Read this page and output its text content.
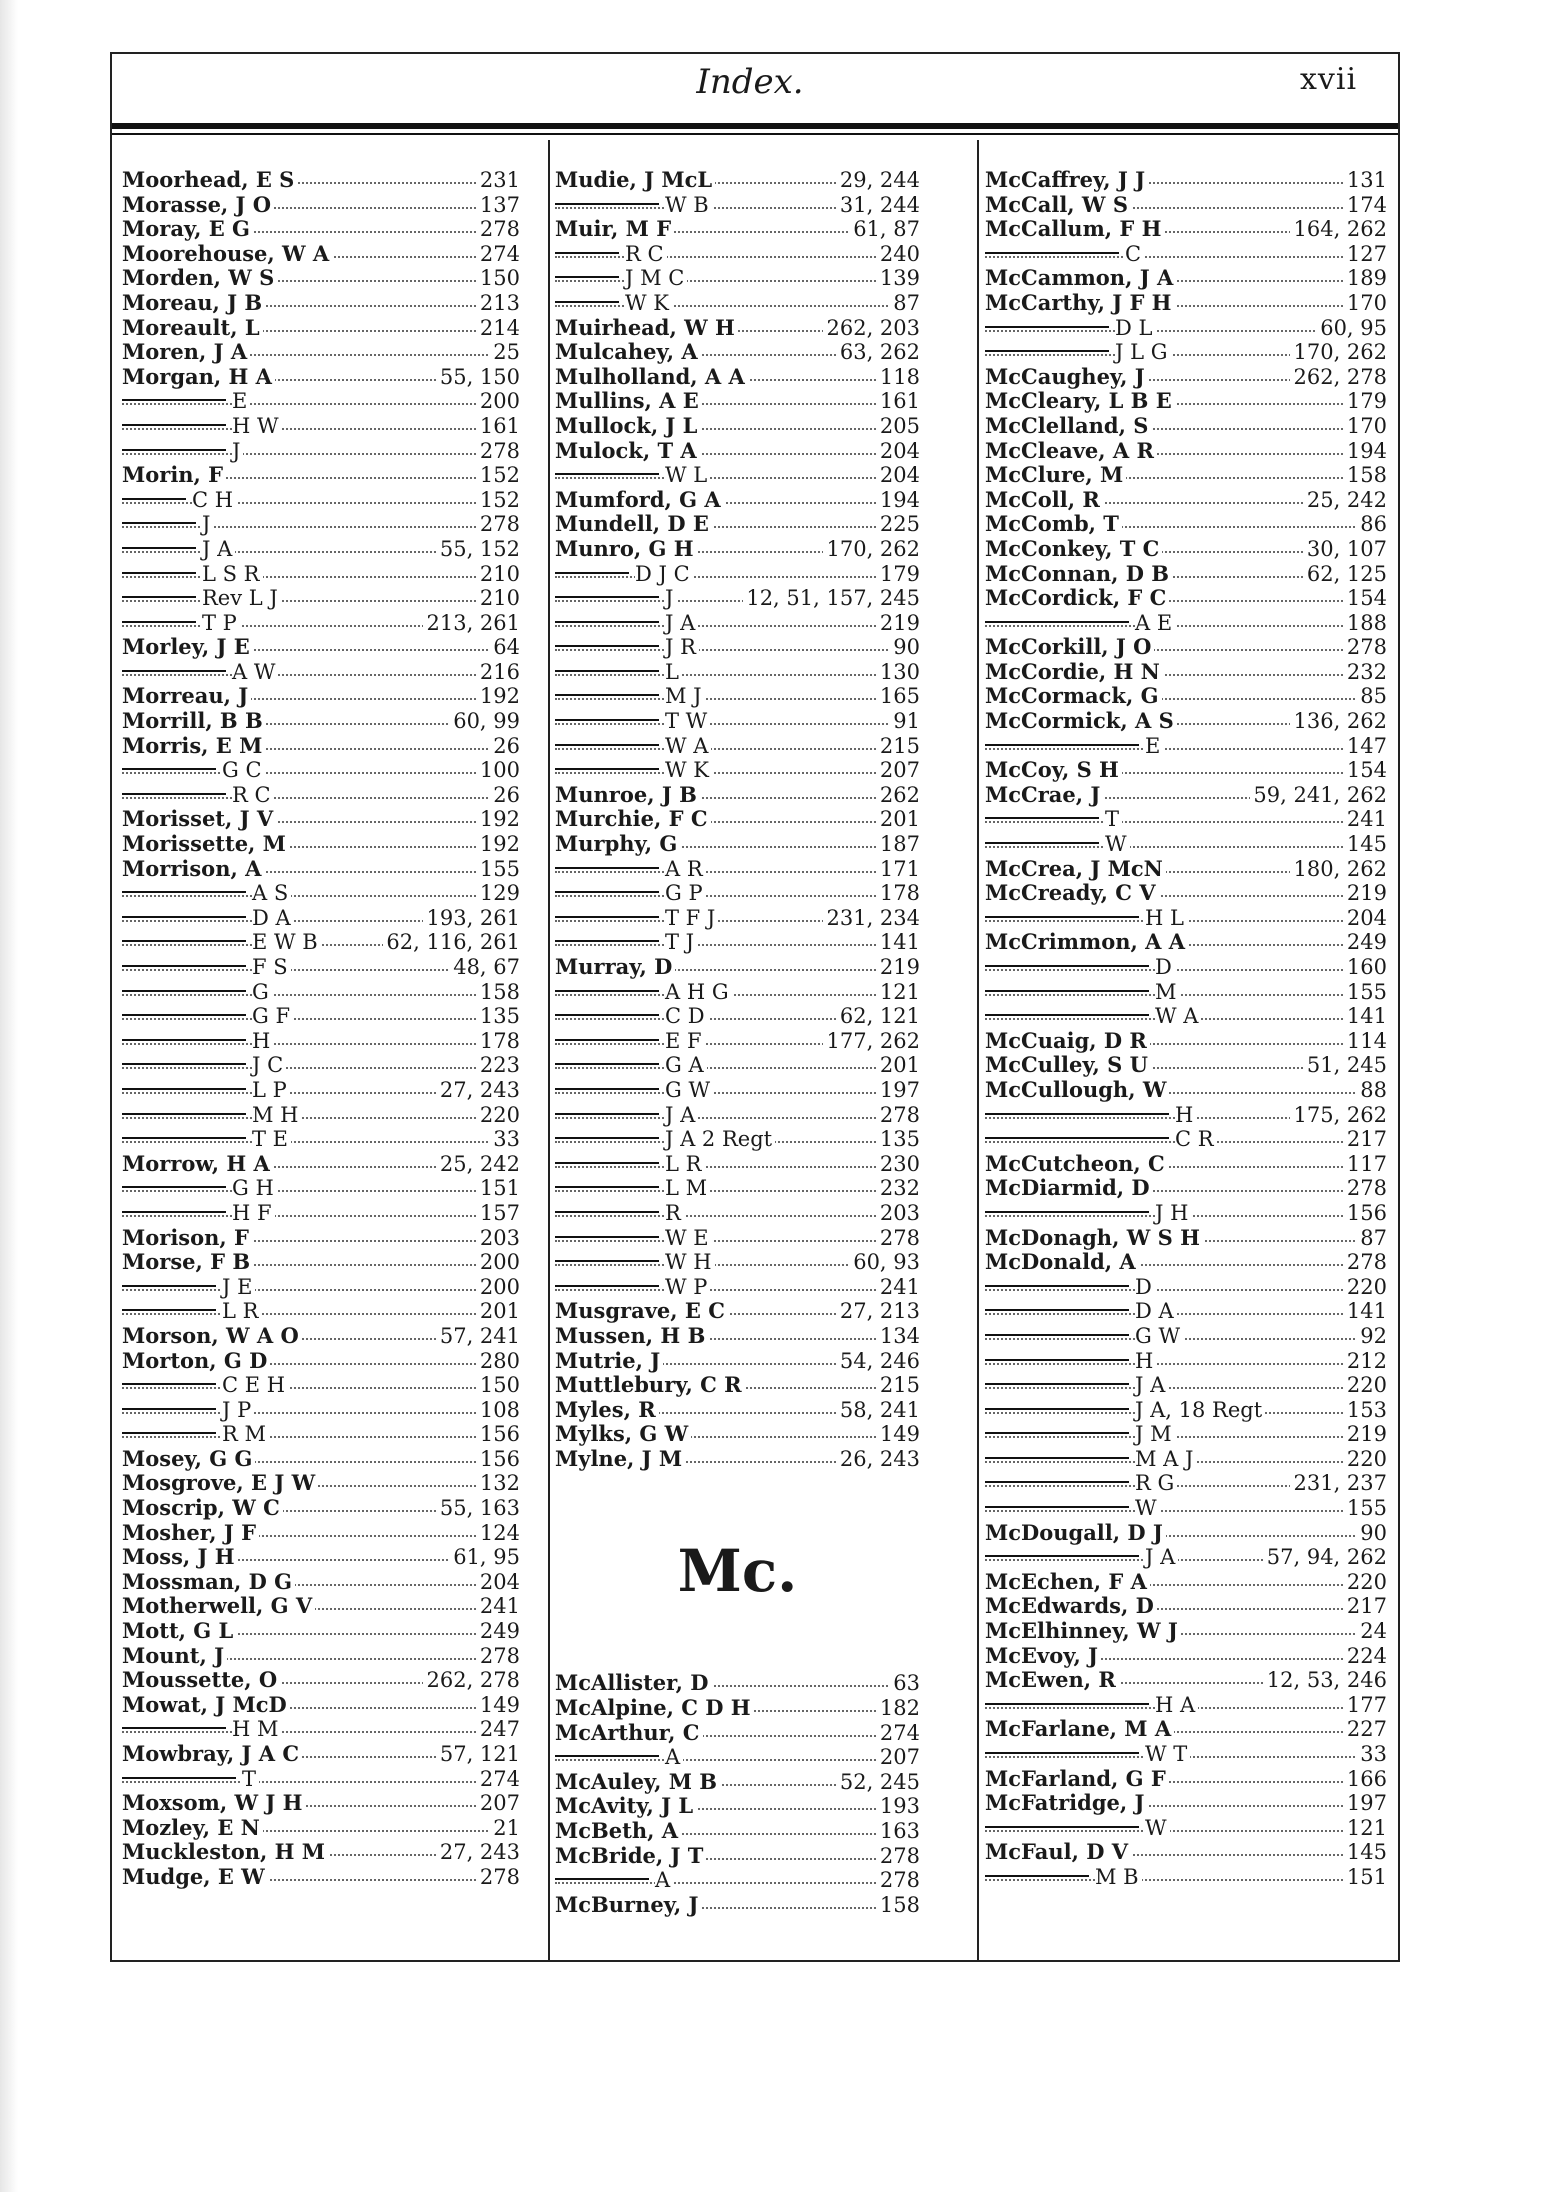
Index.	xvii
Moorhead, E S	231
Morasse, J O	137
Moray, E G	278
Moorehouse, W A	274
Morden, W S	150
Moreau, J B	213
Moreault, L	214
Moren, J A	25
Morgan, H A	55, 150
E	200
H W	161
J	278
Morin, F	152
C H	152
J	278
J A	55, 152
L S R	210
Rev L J	210
T P	213, 261
Morley, J E	64
A W	216
Morreau, J	192
Morrill, B B	60, 99
Morris, E M	26
G C	100
R C	26
Morisset, J V	192
Morissette, M	192
Morrison, A	155
A S	129
D A	193, 261
E W B	62, 116, 261
F S	48, 67
G	158
G F	135
H	178
J C	223
L P	27, 243
M H	220
T E	33
Morrow, H A	25, 242
G H	151
H F	157
Morison, F	203
Morse, F B	200
J E	200
L R	201
Morson, W A O	57, 241
Morton, G D	280
C E H	150
J P	108
R M	156
Mosey, G G	156
Mosgrove, E J W	132
Moscrip, W C	55, 163
Mosher, J F	124
Moss, J H	61, 95
Mossman, D G	204
Motherwell, G V	241
Mott, G L	249
Mount, J	278
Moussette, O	262, 278
Mowat, J McD	149
H M	247
Mowbray, J A C	57, 121
T	274
Moxsom, W J H	207
Mozley, E N	21
Muckleston, H M	27, 243
Mudge, E W	278
Mudie, J McL	29, 244
W B	31, 244
Muir, M F	61, 87
R C	240
J M C	139
W K	87
Muirhead, W H	262, 203
Mulcahey, A	63, 262
Mulholland, A A	118
Mullins, A E	161
Mullock, J L	205
Mulock, T A	204
W L	204
Mumford, G A	194
Mundell, D E	225
Munro, G H	170, 262
D J C	179
J	12, 51, 157, 245
J A	219
J R	90
L	130
M J	165
T W	91
W A	215
W K	207
Munroe, J B	262
Murchie, F C	201
Murphy, G	187
A R	171
G P	178
T F J	231, 234
T J	141
Murray, D	219
A H G	121
C D	62, 121
E F	177, 262
G A	201
G W	197
J A	278
J A 2 Regt	135
L R	230
L M	232
R	203
W E	278
W H	60, 93
W P	241
Musgrave, E C	27, 213
Mussen, H B	134
Mutrie, J	54, 246
Muttlebury, C R	215
Myles, R	58, 241
Mylks, G W	149
Mylne, J M	26, 243
Mc.
McAllister, D	63
McAlpine, C D H	182
McArthur, C	274
A	207
McAuley, M B	52, 245
McAvity, J L	193
McBeth, A	163
McBride, J T	278
A	278
McBurney, J	158
McCaffrey, J J	131
McCall, W S	174
McCallum, F H	164, 262
C	127
McCammon, J A	189
McCarthy, J F H	170
D L	60, 95
J L G	170, 262
McCaughey, J	262, 278
McCleary, L B E	179
McClelland, S	170
McCleave, A R	194
McClure, M	158
McColl, R	25, 242
McComb, T	86
McConkey, T C	30, 107
McConnan, D B	62, 125
McCordick, F C	154
A E	188
McCorkill, J O	278
McCordie, H N	232
McCormack, G	85
McCormick, A S	136, 262
E	147
McCoy, S H	154
McCrae, J	59, 241, 262
T	241
W	145
McCrea, J McN	180, 262
McCready, C V	219
H L	204
McCrimmon, A A	249
D	160
M	155
W A	141
McCuaig, D R	114
McCulley, S U	51, 245
McCullough, W	88
H	175, 262
C R	217
McCutcheon, C	117
McDiarmid, D	278
J H	156
McDonagh, W S H	87
McDonald, A	278
D	220
D A	141
G W	92
H	212
J A	220
J A, 18 Regt	153
J M	219
M A J	220
R G	231, 237
W	155
McDougall, D J	90
J A	57, 94, 262
McEchen, F A	220
McEdwards, D	217
McElhinney, W J	24
McEvoy, J	224
McEwen, R	12, 53, 246
H A	177
McFarlane, M A	227
W T	33
McFarland, G F	166
McFatridge, J	197
W	121
McFaul, D V	145
M B	151
